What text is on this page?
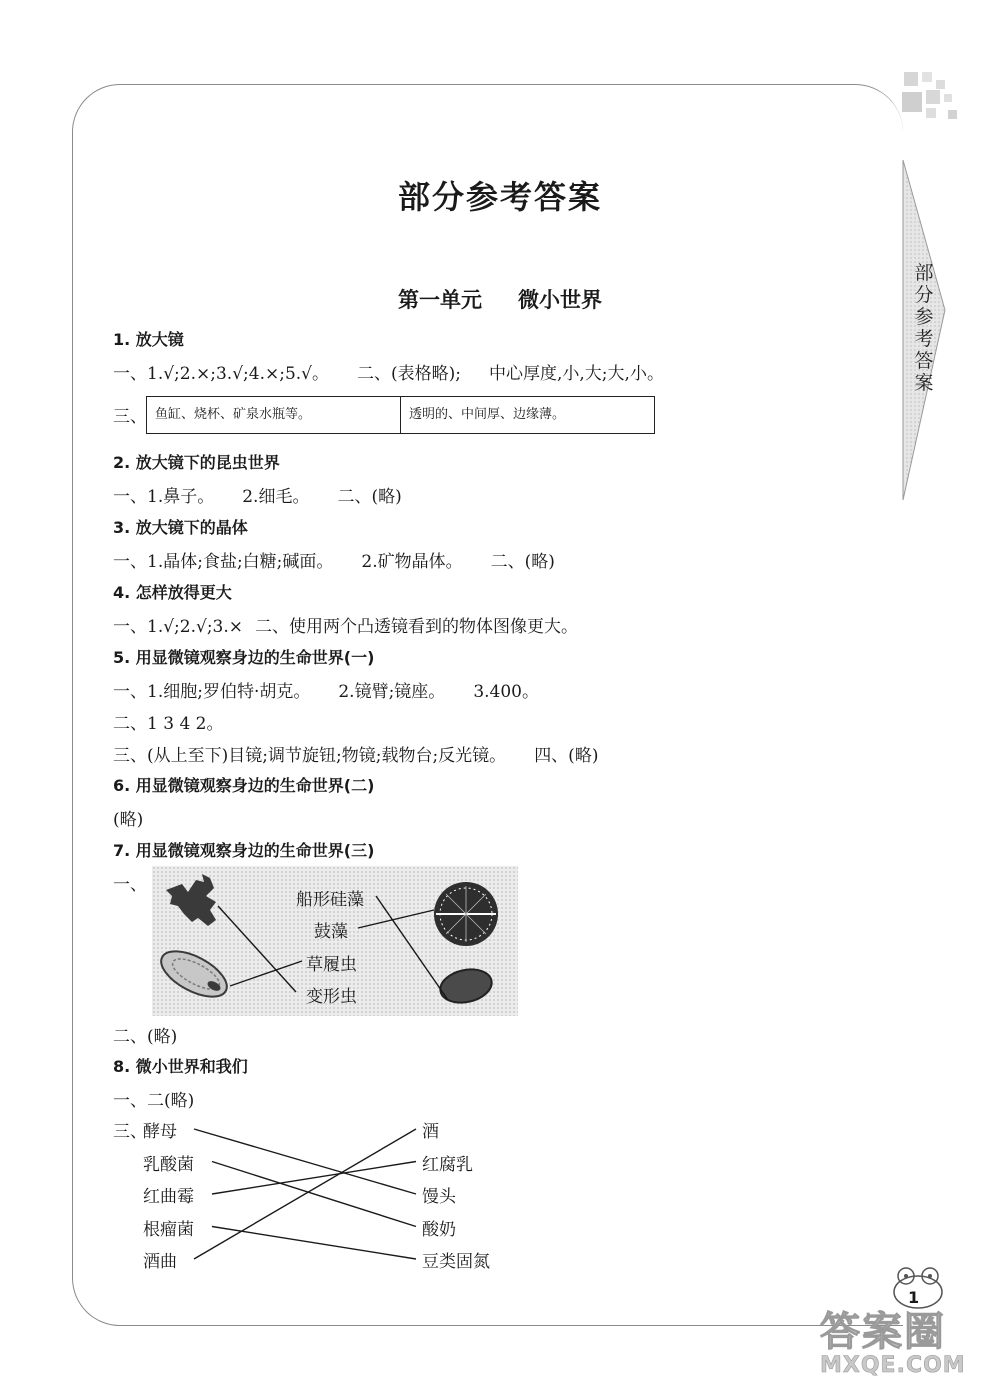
部分参考答案
部分参考答案
第一单元 微小世界
1. 放大镜
一、1.√;2.×;3.√;4.×;5.√。 二、(表格略); 中心厚度,小,大;大,小。
三、 鱼缸、烧杯、矿泉水瓶等。	透明的、中间厚、边缘薄。
2. 放大镜下的昆虫世界
一、1.鼻子。 2.细毛。 二、(略)
3. 放大镜下的晶体
一、1.晶体;食盐;白糖;碱面。 2.矿物晶体。 二、(略)
4. 怎样放得更大
一、1.√;2.√;3.× 二、使用两个凸透镜看到的物体图像更大。
5. 用显微镜观察身边的生命世界(一)
一、1.细胞;罗伯特·胡克。 2.镜臂;镜座。 3.400。
二、1 3 4 2。
三、(从上至下)目镜;调节旋钮;物镜;载物台;反光镜。 四、(略)
6. 用显微镜观察身边的生命世界(二)
(略)
7. 用显微镜观察身边的生命世界(三)
一、
船形硅藻
鼓藻
草履虫
变形虫
二、(略)
8. 微小世界和我们
一、二(略)
三、
酵母
乳酸菌
红曲霉
根瘤菌
酒曲
酒
红腐乳
馒头
酸奶
豆类固氮
1
答案圈
MXQE.COM
